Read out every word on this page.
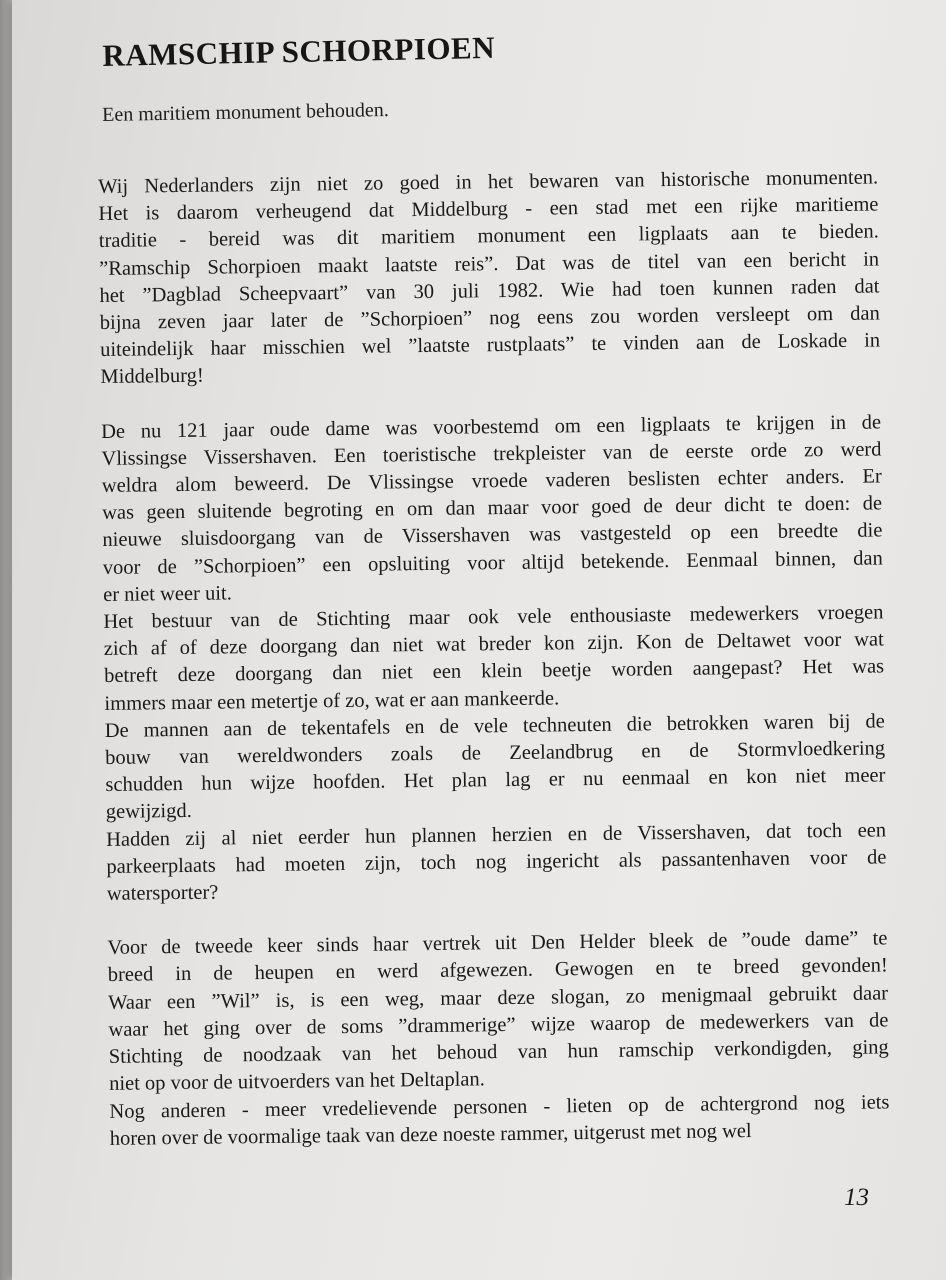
RAMSCHIP SCHORPIOEN

Een maritiem monument behouden.

Wij Nederlanders zijn niet zo goed in het bewaren van historische monumenten.
Het is daarom verheugend dat Middelburg - een stad met een rijke maritieme
traditie - bereid was dit maritiem monument een ligplaats aan te bieden.
”Ramschip Schorpioen maakt laatste reis”. Dat was de titel van een bericht in
het ”Dagblad Scheepvaart” van 30 juli 1982. Wie had toen kunnen raden dat
bijna zeven jaar later de ”Schorpioen” nog eens zou worden versleept om dan
uiteindelijk haar misschien wel ”laatste rustplaats” te vinden aan de Loskade in
Middelburg!
De nu 121 jaar oude dame was voorbestemd om een ligplaats te krijgen in de
Vlissingse Vissershaven. Een toeristische trekpleister van de eerste orde zo werd
weldra alom beweerd. De Vlissingse vroede vaderen beslisten echter anders. Er
was geen sluitende begroting en om dan maar voor goed de deur dicht te doen: de
nieuwe sluisdoorgang van de Vissershaven was vastgesteld op een breedte die
voor de ”Schorpioen” een opsluiting voor altijd betekende. Eenmaal binnen, dan
er niet weer uit.
Het bestuur van de Stichting maar ook vele enthousiaste medewerkers vroegen
zich af of deze doorgang dan niet wat breder kon zijn. Kon de Deltawet voor wat
betreft deze doorgang dan niet een klein beetje worden aangepast? Het was
immers maar een metertje of zo, wat er aan mankeerde.
De mannen aan de tekentafels en de vele techneuten die betrokken waren bij de
bouw van wereldwonders zoals de Zeelandbrug en de Stormvloedkering
schudden hun wijze hoofden. Het plan lag er nu eenmaal en kon niet meer
gewijzigd.
Hadden zij al niet eerder hun plannen herzien en de Vissershaven, dat toch een
parkeerplaats had moeten zijn, toch nog ingericht als passantenhaven voor de
watersporter?
Voor de tweede keer sinds haar vertrek uit Den Helder bleek de ”oude dame” te
breed in de heupen en werd afgewezen. Gewogen en te breed gevonden!
Waar een ”Wil” is, is een weg, maar deze slogan, zo menigmaal gebruikt daar
waar het ging over de soms ”drammerige” wijze waarop de medewerkers van de
Stichting de noodzaak van het behoud van hun ramschip verkondigden, ging
niet op voor de uitvoerders van het Deltaplan.
Nog anderen - meer vredelievende personen - lieten op de achtergrond nog iets
horen over de voormalige taak van deze noeste rammer, uitgerust met nog wel

13
